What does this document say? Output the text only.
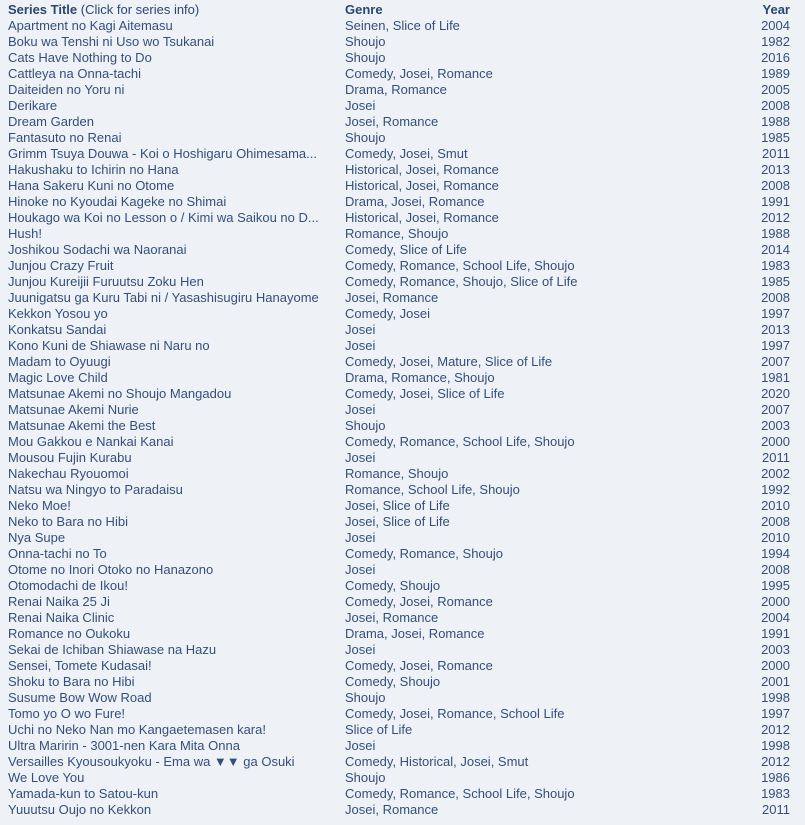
Series Title (Click for series info)	Genre	Year
Apartment no Kagi Aitemasu	Seinen, Slice of Life	2004
Boku wa Tenshi ni Uso wo Tsukanai	Shoujo	1982
Cats Have Nothing to Do	Shoujo	2016
Cattleya na Onna-tachi	Comedy, Josei, Romance	1989
Daiteiden no Yoru ni	Drama, Romance	2005
Derikare	Josei	2008
Dream Garden	Josei, Romance	1988
Fantasuto no Renai	Shoujo	1985
Grimm Tsuya Douwa - Koi o Hoshigaru Ohimesama...	Comedy, Josei, Smut	2011
Hakushaku to Ichirin no Hana	Historical, Josei, Romance	2013
Hana Sakeru Kuni no Otome	Historical, Josei, Romance	2008
Hinoke no Kyoudai Kageke no Shimai	Drama, Josei, Romance	1991
Houkago wa Koi no Lesson o / Kimi wa Saikou no D...	Historical, Josei, Romance	2012
Hush!	Romance, Shoujo	1988
Joshikou Sodachi wa Naoranai	Comedy, Slice of Life	2014
Junjou Crazy Fruit	Comedy, Romance, School Life, Shoujo	1983
Junjou Kureijii Furuutsu Zoku Hen	Comedy, Romance, Shoujo, Slice of Life	1985
Juunigatsu ga Kuru Tabi ni / Yasashisugiru Hanayome	Josei, Romance	2008
Kekkon Yosou yo	Comedy, Josei	1997
Konkatsu Sandai	Josei	2013
Kono Kuni de Shiawase ni Naru no	Josei	1997
Madam to Oyuugi	Comedy, Josei, Mature, Slice of Life	2007
Magic Love Child	Drama, Romance, Shoujo	1981
Matsunae Akemi no Shoujo Mangadou	Comedy, Josei, Slice of Life	2020
Matsunae Akemi Nurie	Josei	2007
Matsunae Akemi the Best	Shoujo	2003
Mou Gakkou e Nankai Kanai	Comedy, Romance, School Life, Shoujo	2000
Mousou Fujin Kurabu	Josei	2011
Nakechau Ryouomoi	Romance, Shoujo	2002
Natsu wa Ningyo to Paradaisu	Romance, School Life, Shoujo	1992
Neko Moe!	Josei, Slice of Life	2010
Neko to Bara no Hibi	Josei, Slice of Life	2008
Nya Supe	Josei	2010
Onna-tachi no To	Comedy, Romance, Shoujo	1994
Otome no Inori Otoko no Hanazono	Josei	2008
Otomodachi de Ikou!	Comedy, Shoujo	1995
Renai Naika 25 Ji	Comedy, Josei, Romance	2000
Renai Naika Clinic	Josei, Romance	2004
Romance no Oukoku	Drama, Josei, Romance	1991
Sekai de Ichiban Shiawase na Hazu	Josei	2003
Sensei, Tomete Kudasai!	Comedy, Josei, Romance	2000
Shoku to Bara no Hibi	Comedy, Shoujo	2001
Susume Bow Wow Road	Shoujo	1998
Tomo yo O wo Fure!	Comedy, Josei, Romance, School Life	1997
Uchi no Neko Nan mo Kangaetemasen kara!	Slice of Life	2012
Ultra Maririn - 3001-nen Kara Mita Onna	Josei	1998
Versailles Kyousoukyoku - Ema wa ▼▼ ga Osuki	Comedy, Historical, Josei, Smut	2012
We Love You	Shoujo	1986
Yamada-kun to Satou-kun	Comedy, Romance, School Life, Shoujo	1983
Yuuutsu Oujo no Kekkon	Josei, Romance	2011
